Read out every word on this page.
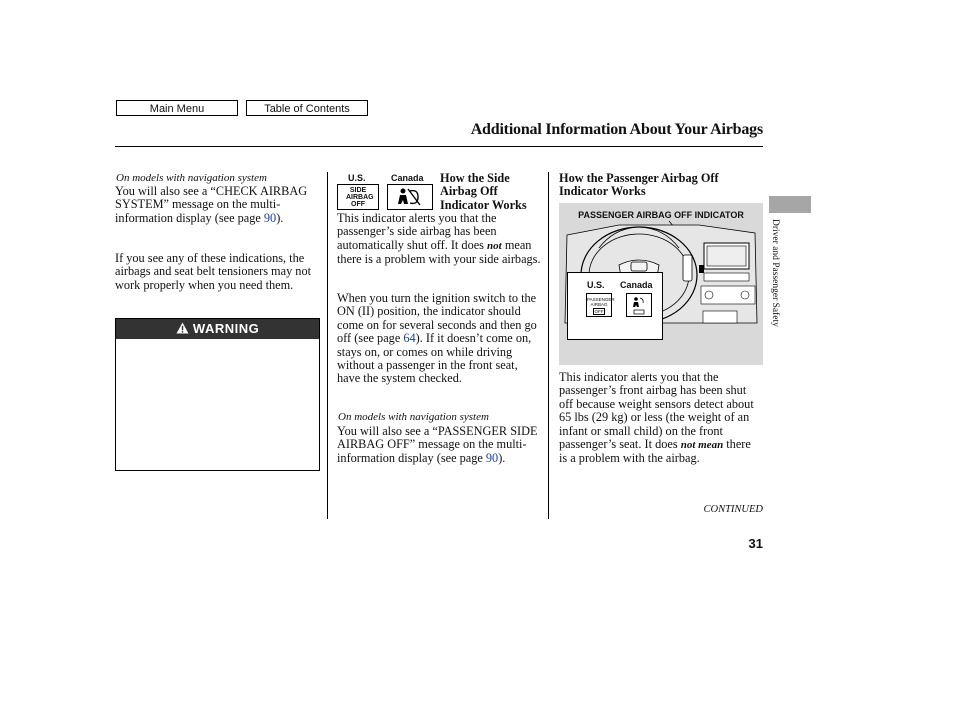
Main Menu	Table of Contents
Additional Information About Your Airbags
On models with navigation system
You will also see a “CHECK AIRBAG SYSTEM” message on the multi-information display (see page 90).
If you see any of these indications, the airbags and seat belt tensioners may not work properly when you need them.
WARNING
U.S.	Canada
SIDE
AIRBAG
OFF
How the Side Airbag Off Indicator Works
This indicator alerts you that the passenger’s side airbag has been automatically shut off. It does not mean there is a problem with your side airbags.
When you turn the ignition switch to the ON (II) position, the indicator should come on for several seconds and then go off (see page 64). If it doesn’t come on, stays on, or comes on while driving without a passenger in the front seat, have the system checked.
On models with navigation system
You will also see a “PASSENGER SIDE AIRBAG OFF” message on the multi-information display (see page 90).
How the Passenger Airbag Off Indicator Works
PASSENGER AIRBAG OFF INDICATOR
U.S. Canada
PASSENGER
AIRBAG
OFF
This indicator alerts you that the passenger’s front airbag has been shut off because weight sensors detect about 65 lbs (29 kg) or less (the weight of an infant or small child) on the front passenger’s seat. It does not mean there is a problem with the airbag.
Driver and Passenger Safety
CONTINUED
31
